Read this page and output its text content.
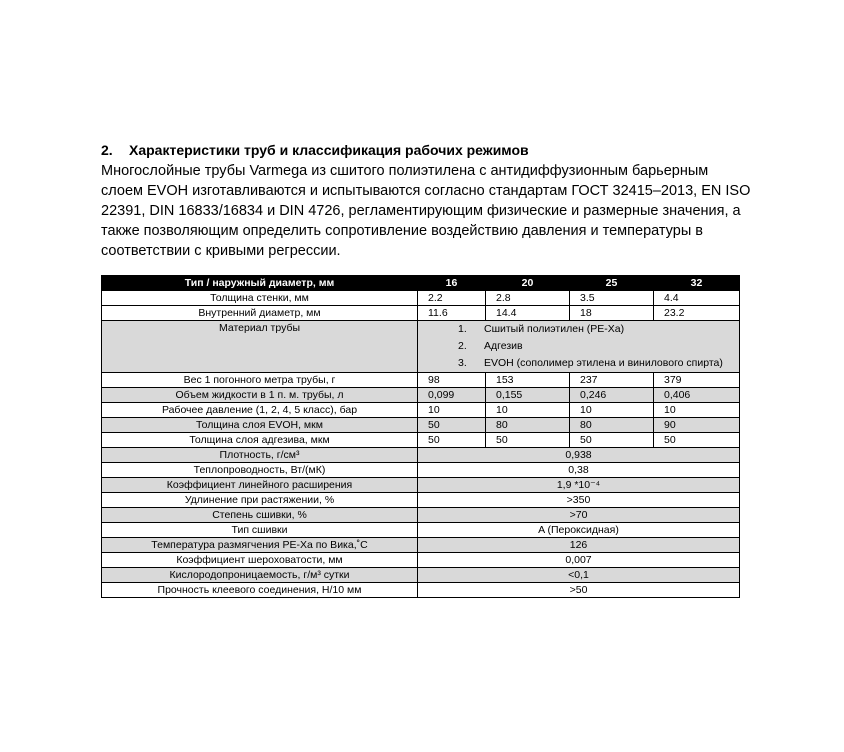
2. Характеристики труб и классификация рабочих режимов
Многослойные трубы Varmega из сшитого полиэтилена с антидиффузионным барьерным
слоем EVOH изготавливаются и испытываются согласно стандартам ГОСТ 32415–2013, EN ISO
22391, DIN 16833/16834 и DIN 4726, регламентирующим физические и размерные значения, а
также позволяющим определить сопротивление воздействию давления и температуры в
соответствии с кривыми регрессии.
Тип / наружный диаметр, мм	16	20	25	32
Толщина стенки, мм	2.2	2.8	3.5	4.4
Внутренний диаметр, мм	11.6	14.4	18	23.2
Материал трубы	1. Сшитый полиэтилен (PE-Xa)
2. Адгезив
3. EVOH (сополимер этилена и винилового спирта)			

Вес 1 погонного метра трубы, г	98	153	237	379
Объем жидкости в 1 п. м. трубы, л	0,099	0,155	0,246	0,406
Рабочее давление (1, 2, 4, 5 класс), бар	10	10	10	10
Толщина слоя EVOH, мкм	50	80	80	90
Толщина слоя адгезива, мкм	50	50	50	50
Плотность, г/см³	0,938			
Теплопроводность, Вт/(мК)	0,38			
Коэффициент линейного расширения	1,9 *10⁻⁴			
Удлинение при растяжении, %	>350			
Степень сшивки, %	>70			
Тип сшивки	A (Пероксидная)			
Температура размягчения PE-Xa по Вика,˚С	126			
Коэффициент шероховатости, мм	0,007			
Кислородопроницаемость, г/м³ сутки	<0,1			
Прочность клеевого соединения, Н/10 мм	>50			
